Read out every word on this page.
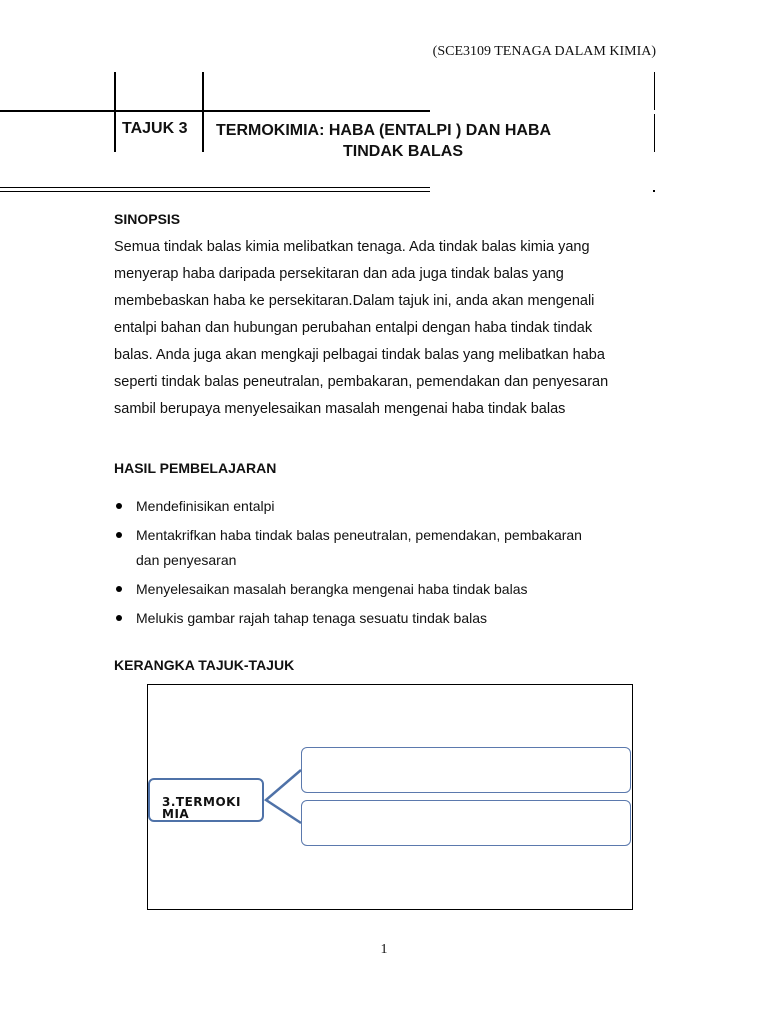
(SCE3109 TENAGA DALAM KIMIA)
TAJUK 3 TERMOKIMIA: HABA (ENTALPI ) DAN HABA
TINDAK BALAS
SINOPSIS
Semua tindak balas kimia melibatkan tenaga. Ada tindak balas kimia yang
menyerap haba daripada persekitaran dan ada juga tindak balas yang
membebaskan haba ke persekitaran.Dalam tajuk ini, anda akan mengenali
entalpi bahan dan hubungan perubahan entalpi dengan haba tindak tindak
balas. Anda juga akan mengkaji pelbagai tindak balas yang melibatkan haba
seperti tindak balas peneutralan, pembakaran, pemendakan dan penyesaran
sambil berupaya menyelesaikan masalah mengenai haba tindak balas
HASIL PEMBELAJARAN
Mendefinisikan entalpi
Mentakrifkan haba tindak balas peneutralan, pemendakan, pembakaran
dan penyesaran
Menyelesaikan masalah berangka mengenai haba tindak balas
Melukis gambar rajah tahap tenaga sesuatu tindak balas
KERANGKA TAJUK-TAJUK
3.TERMOKI
MIA
1
